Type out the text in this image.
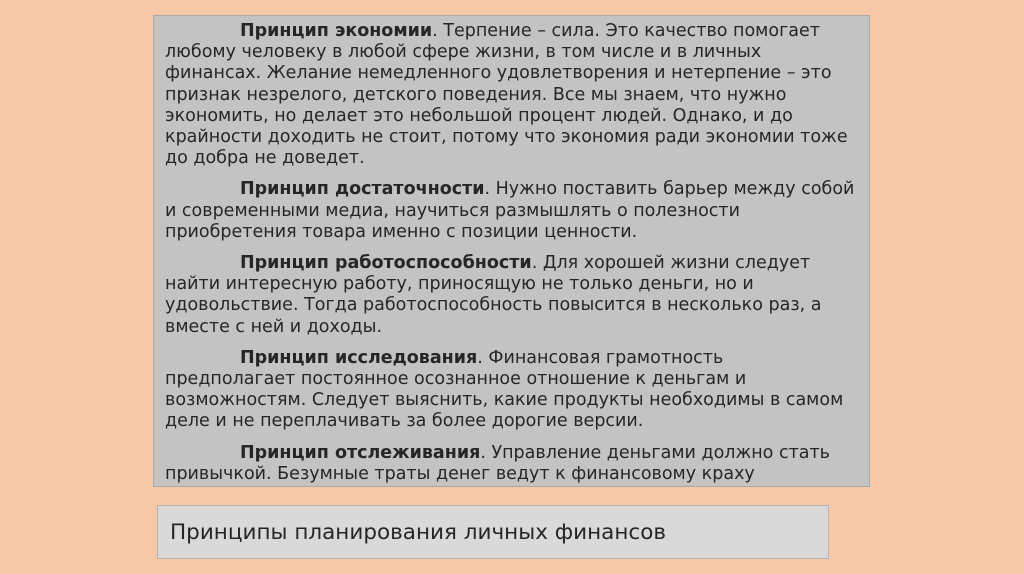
Принцип экономии. Терпение – сила. Это качество помогает любому человеку в любой сфере жизни, в том числе и в личных финансах. Желание немедленного удовлетворения и нетерпение – это признак незрелого, детского поведения. Все мы знаем, что нужно экономить, но делает это небольшой процент людей. Однако, и до крайности доходить не стоит, потому что экономия ради экономии тоже до добра не доведет.

Принцип достаточности. Нужно поставить барьер между собой и современными медиа, научиться размышлять о полезности приобретения товара именно с позиции ценности.

Принцип работоспособности. Для хорошей жизни следует найти интересную работу, приносящую не только деньги, но и удовольствие. Тогда работоспособность повысится в несколько раз, а вместе с ней и доходы.

Принцип исследования. Финансовая грамотность предполагает постоянное осознанное отношение к деньгам и возможностям. Следует выяснить, какие продукты необходимы в самом деле и не переплачивать за более дорогие версии.

Принцип отслеживания. Управление деньгами должно стать привычкой. Безумные траты денег ведут к финансовому краху

Принципы планирования личных финансов
